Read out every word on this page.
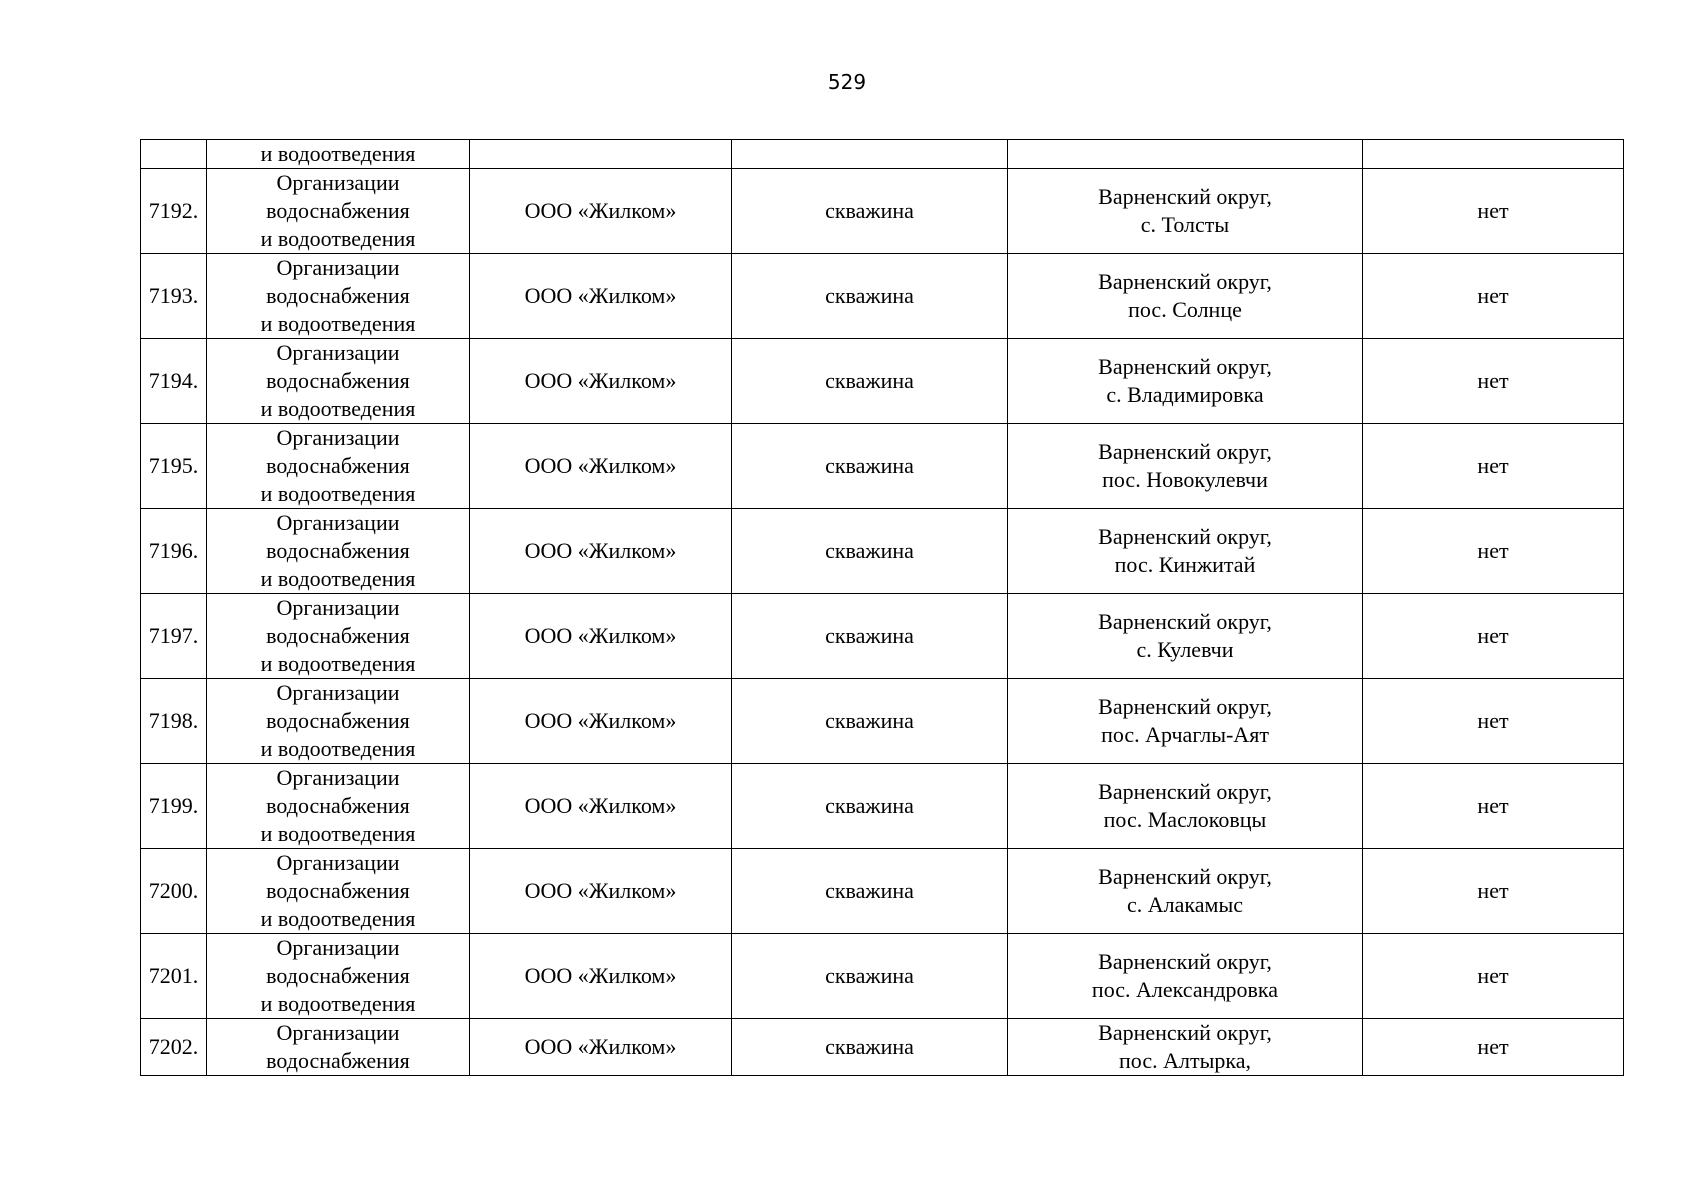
529
	и водоотведения				
7192.	Организации
водоснабжения
и водоотведения	ООО «Жилком»	скважина	Варненский округ,
с. Толсты	нет
7193.	Организации
водоснабжения
и водоотведения	ООО «Жилком»	скважина	Варненский округ,
пос. Солнце	нет
7194.	Организации
водоснабжения
и водоотведения	ООО «Жилком»	скважина	Варненский округ,
с. Владимировка	нет
7195.	Организации
водоснабжения
и водоотведения	ООО «Жилком»	скважина	Варненский округ,
пос. Новокулевчи	нет
7196.	Организации
водоснабжения
и водоотведения	ООО «Жилком»	скважина	Варненский округ,
пос. Кинжитай	нет
7197.	Организации
водоснабжения
и водоотведения	ООО «Жилком»	скважина	Варненский округ,
с. Кулевчи	нет
7198.	Организации
водоснабжения
и водоотведения	ООО «Жилком»	скважина	Варненский округ,
пос. Арчаглы-Аят	нет
7199.	Организации
водоснабжения
и водоотведения	ООО «Жилком»	скважина	Варненский округ,
пос. Маслоковцы	нет
7200.	Организации
водоснабжения
и водоотведения	ООО «Жилком»	скважина	Варненский округ,
с. Алакамыс	нет
7201.	Организации
водоснабжения
и водоотведения	ООО «Жилком»	скважина	Варненский округ,
пос. Александровка	нет
7202.	Организации
водоснабжения	ООО «Жилком»	скважина	Варненский округ,
пос. Алтырка,	нет
